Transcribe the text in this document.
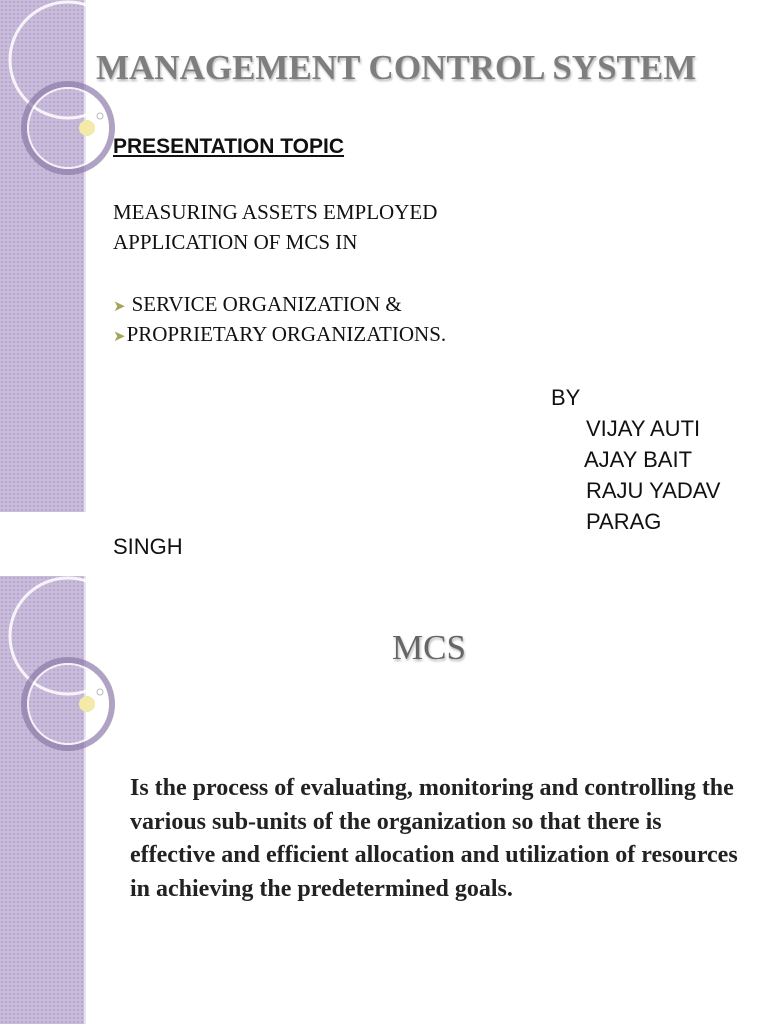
MANAGEMENT CONTROL SYSTEM
PRESENTATION TOPIC
MEASURING ASSETS EMPLOYED
APPLICATION OF MCS IN
➤ SERVICE ORGANIZATION &
➤PROPRIETARY ORGANIZATIONS.
BY
VIJAY AUTI
AJAY BAIT
RAJU YADAV
PARAG
SINGH
MCS
Is the process of evaluating, monitoring and controlling the various sub-units of the organization so that there is effective and efficient allocation and utilization of resources in achieving the predetermined goals.
